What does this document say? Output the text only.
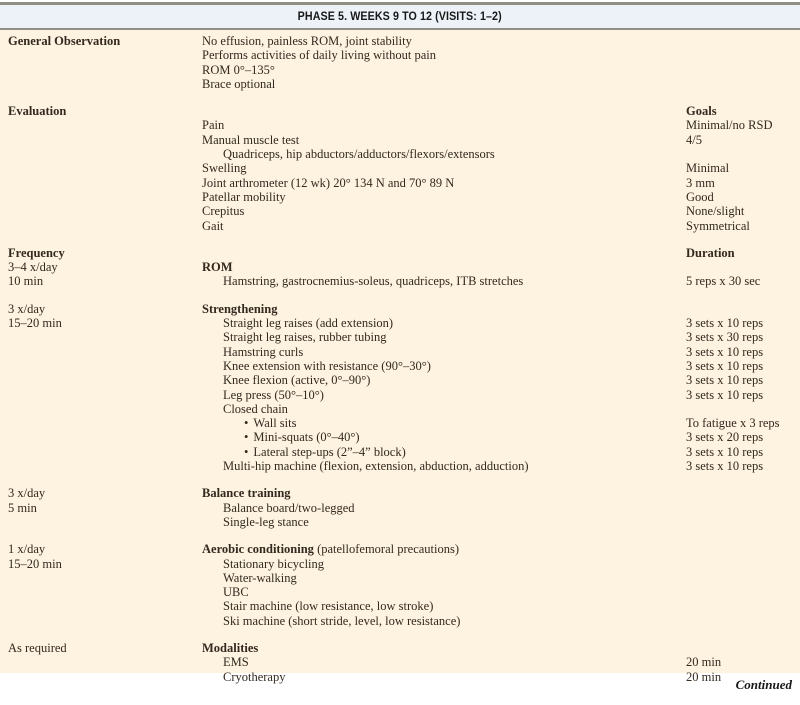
PHASE 5. WEEKS 9 TO 12 (VISITS: 1–2)
General Observation	No effusion, painless ROM, joint stability
Performs activities of daily living without pain
ROM 0°–135°
Brace optional
Evaluation	Goals
Pain	Minimal/no RSD
Manual muscle test	4/5
Quadriceps, hip abductors/adductors/flexors/extensors
Swelling	Minimal
Joint arthrometer (12 wk) 20° 134 N and 70° 89 N	3 mm
Patellar mobility	Good
Crepitus	None/slight
Gait	Symmetrical
Frequency	Duration
3–4 x/day	ROM
10 min	Hamstring, gastrocnemius-soleus, quadriceps, ITB stretches	5 reps x 30 sec
3 x/day	Strengthening
15–20 min	Straight leg raises (add extension)	3 sets x 10 reps
Straight leg raises, rubber tubing	3 sets x 30 reps
Hamstring curls	3 sets x 10 reps
Knee extension with resistance (90°–30°)	3 sets x 10 reps
Knee flexion (active, 0°–90°)	3 sets x 10 reps
Leg press (50°–10°)	3 sets x 10 reps
Closed chain
• Wall sits	To fatigue x 3 reps
• Mini-squats (0°–40°)	3 sets x 20 reps
• Lateral step-ups (2”–4” block)	3 sets x 10 reps
Multi-hip machine (flexion, extension, abduction, adduction)	3 sets x 10 reps
3 x/day	Balance training
5 min	Balance board/two-legged
Single-leg stance
1 x/day	Aerobic conditioning (patellofemoral precautions)
15–20 min	Stationary bicycling
Water-walking
UBC
Stair machine (low resistance, low stroke)
Ski machine (short stride, level, low resistance)
As required	Modalities
EMS	20 min
Cryotherapy	20 min
Continued
